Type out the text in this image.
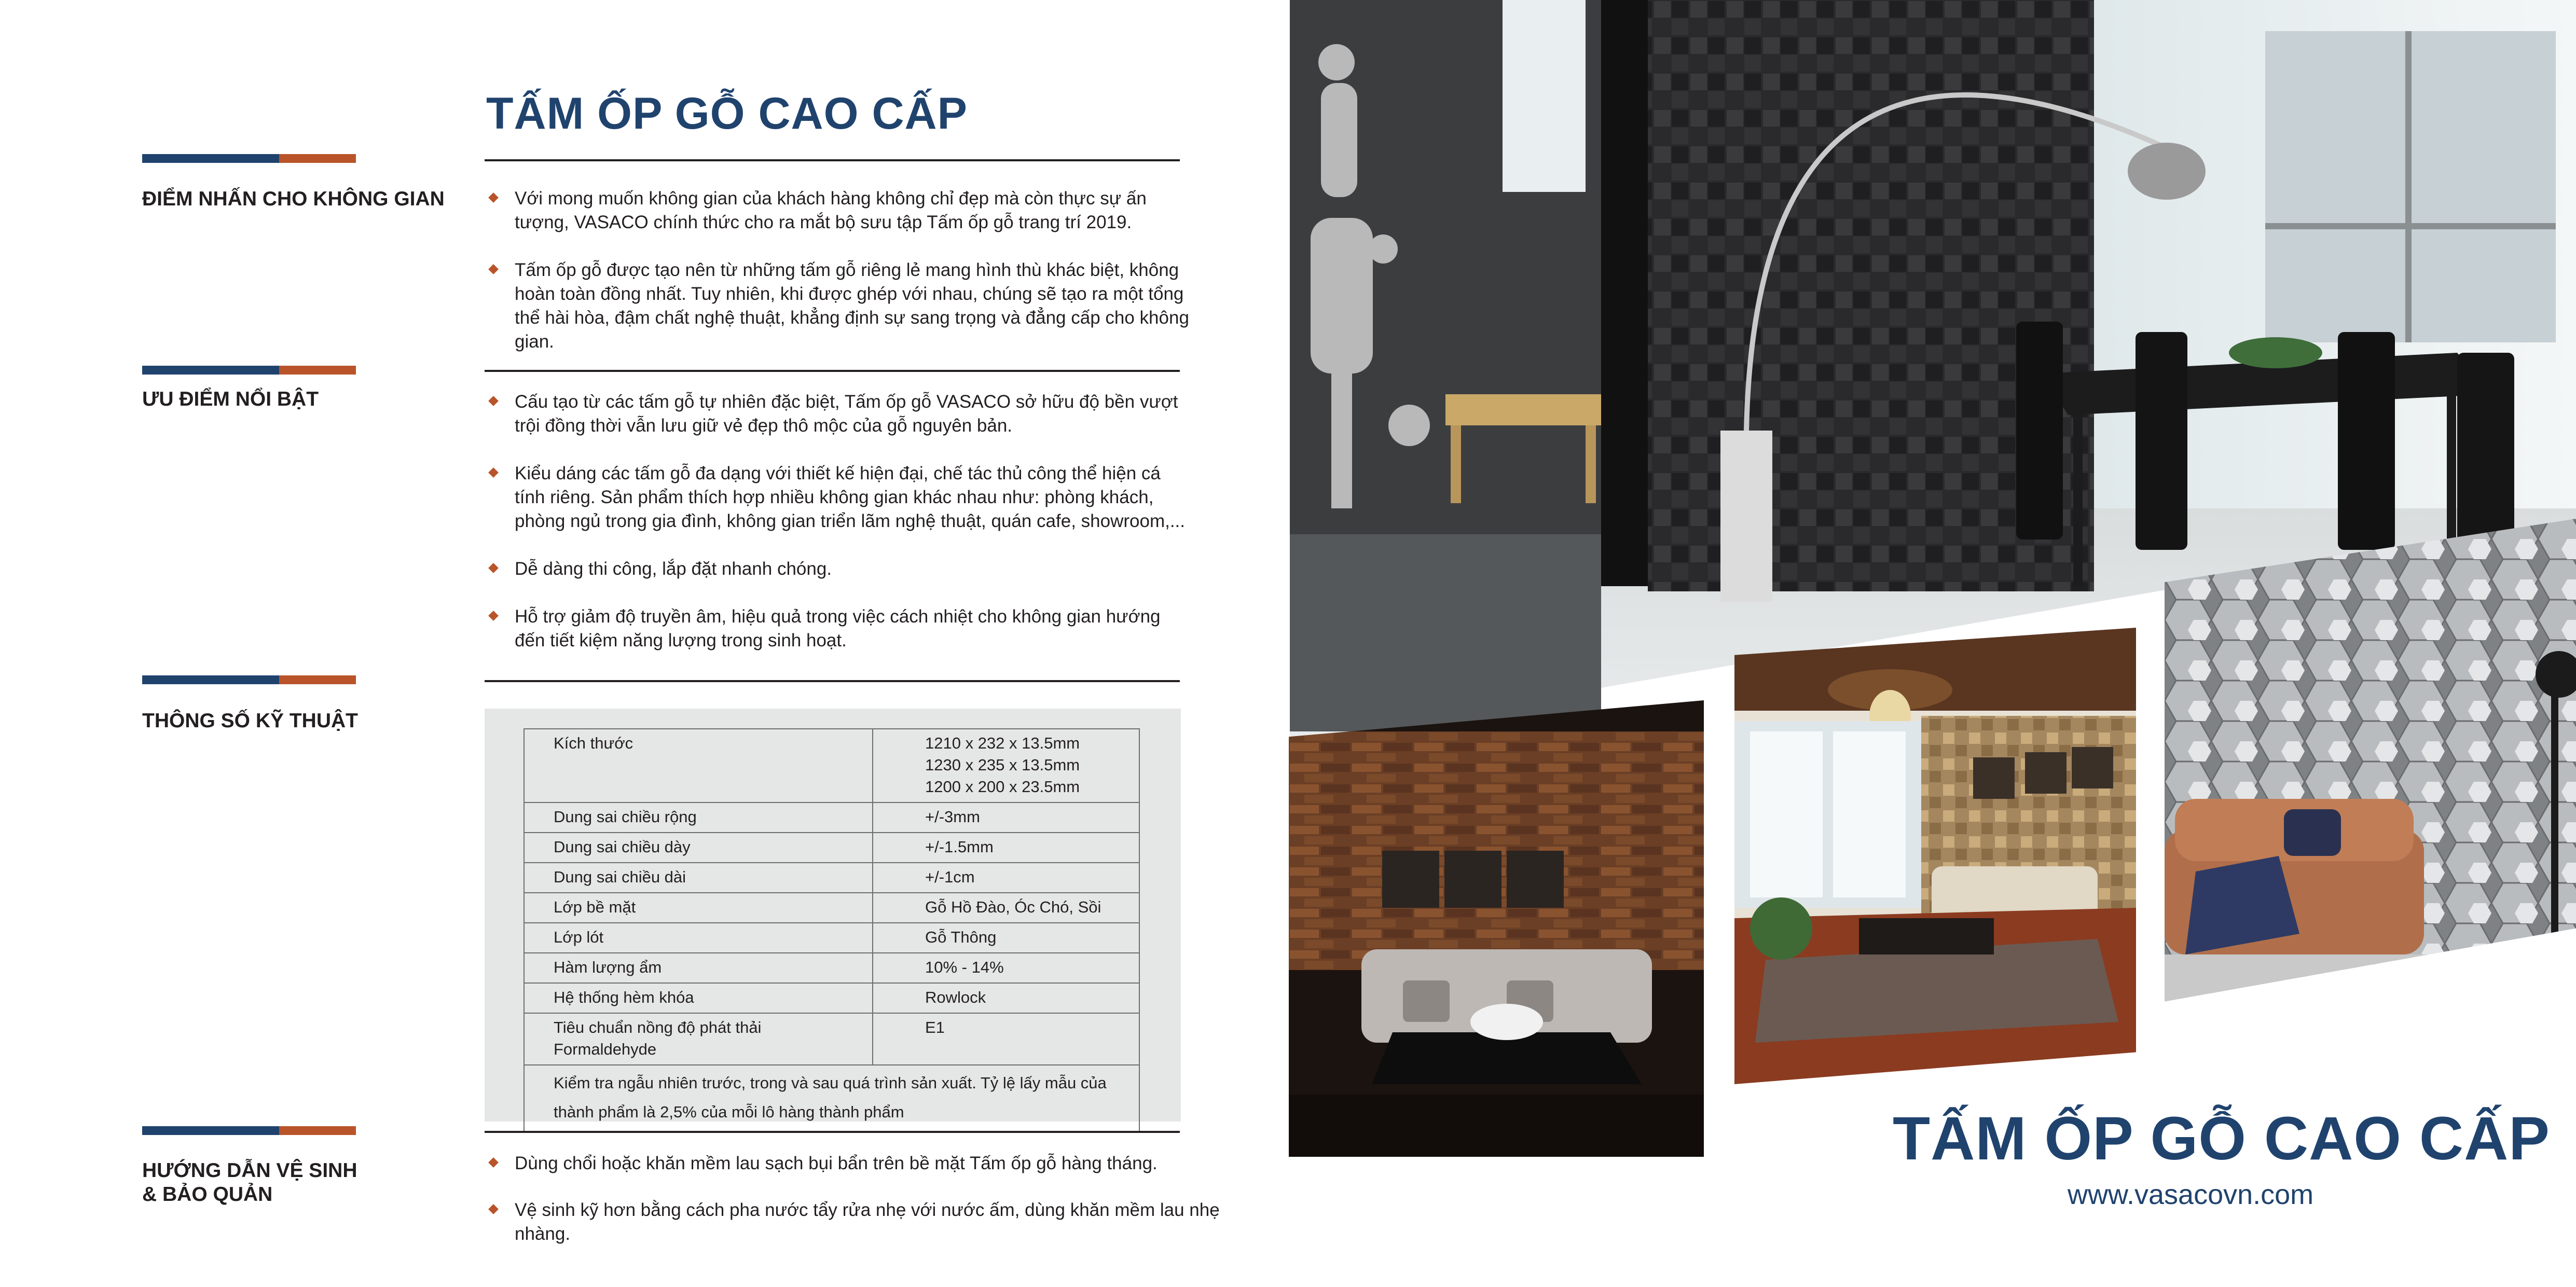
TẤM ỐP GỖ CAO CẤP
ĐIỂM NHẤN CHO KHÔNG GIAN	Với mong muốn không gian của khách hàng không chỉ đẹp mà còn thực sự ấn tượng, VASACO chính thức cho ra mắt bộ sưu tập Tấm ốp gỗ trang trí 2019.
Tấm ốp gỗ được tạo nên từ những tấm gỗ riêng lẻ mang hình thù khác biệt, không hoàn toàn đồng nhất. Tuy nhiên, khi được ghép với nhau, chúng sẽ tạo ra một tổng thể hài hòa, đậm chất nghệ thuật, khẳng định sự sang trọng và đẳng cấp cho không gian.
ƯU ĐIỂM NỔI BẬT	Cấu tạo từ các tấm gỗ tự nhiên đặc biệt, Tấm ốp gỗ VASACO sở hữu độ bền vượt trội đồng thời vẫn lưu giữ vẻ đẹp thô mộc của gỗ nguyên bản.
Kiểu dáng các tấm gỗ đa dạng với thiết kế hiện đại, chế tác thủ công thể hiện cá tính riêng. Sản phẩm thích hợp nhiều không gian khác nhau như: phòng khách, phòng ngủ trong gia đình, không gian triển lãm nghệ thuật, quán cafe, showroom,...
Dễ dàng thi công, lắp đặt nhanh chóng.
Hỗ trợ giảm độ truyền âm, hiệu quả trong việc cách nhiệt cho không gian hướng đến tiết kiệm năng lượng trong sinh hoạt.
THÔNG SỐ KỸ THUẬT
Kích thước	1210 x 232 x 13.5mm
1230 x 235 x 13.5mm
1200 x 200 x 23.5mm
Dung sai chiều rộng	+/-3mm
Dung sai chiều dày	+/-1.5mm
Dung sai chiều dài	+/-1cm
Lớp bề mặt	Gỗ Hồ Đào, Óc Chó, Sồi
Lớp lót	Gỗ Thông
Hàm lượng ẩm	10% - 14%
Hệ thống hèm khóa	Rowlock
Tiêu chuẩn nồng độ phát thải Formaldehyde	E1
Kiểm tra ngẫu nhiên trước, trong và sau quá trình sản xuất. Tỷ lệ lấy mẫu của thành phẩm là 2,5% của mỗi lô hàng thành phẩm	
HƯỚNG DẪN VỆ SINH & BẢO QUẢN
Dùng chổi hoặc khăn mềm lau sạch bụi bẩn trên bề mặt Tấm ốp gỗ hàng tháng.
Vệ sinh kỹ hơn bằng cách pha nước tẩy rửa nhẹ với nước ấm, dùng khăn mềm lau nhẹ nhàng.
TẤM ỐP GỖ CAO CẤP
www.vasacovn.com
